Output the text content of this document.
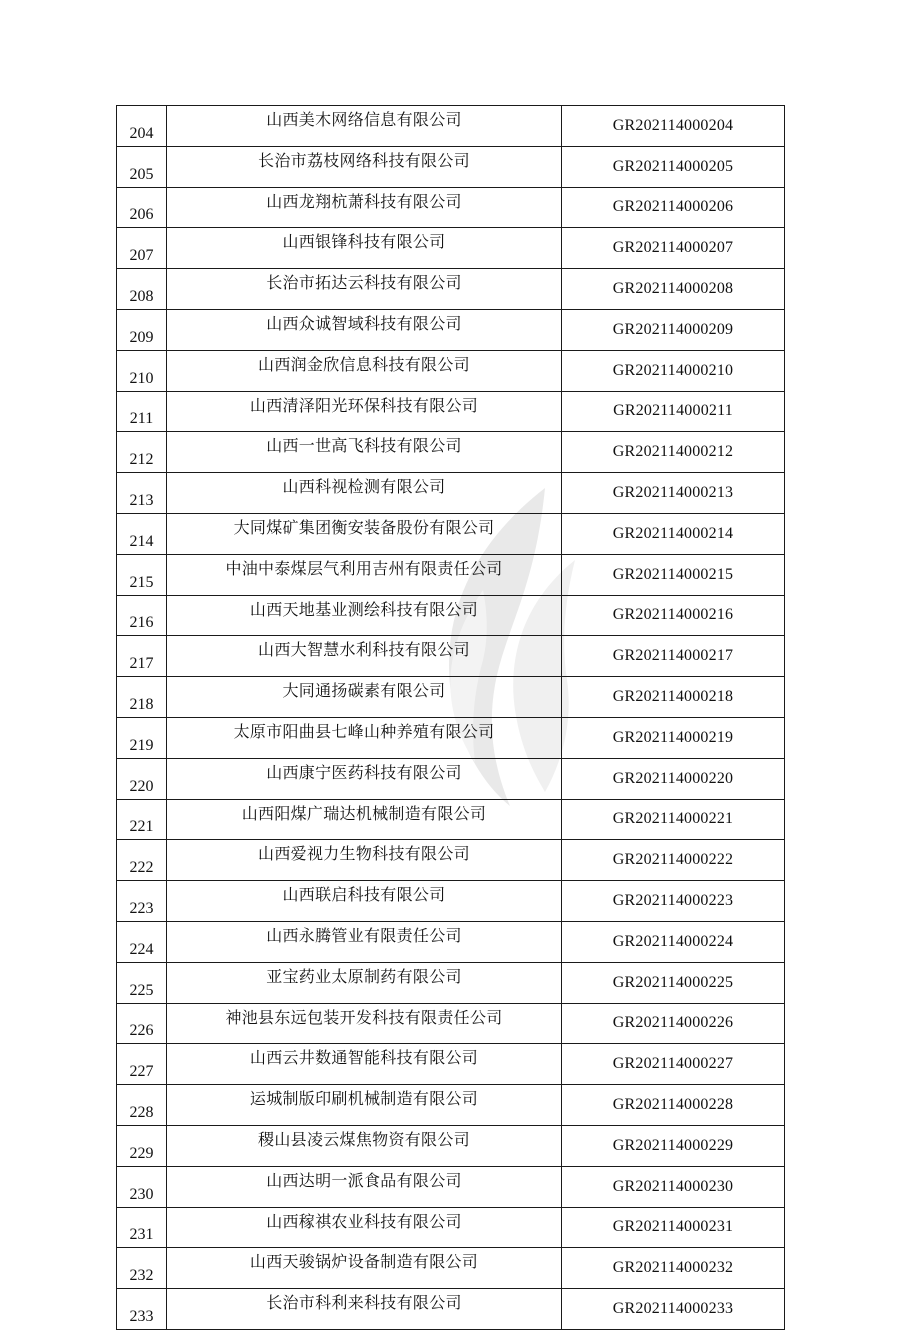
204	山西美木网络信息有限公司	GR202114000204
205	长治市荔枝网络科技有限公司	GR202114000205
206	山西龙翔杭萧科技有限公司	GR202114000206
207	山西银锋科技有限公司	GR202114000207
208	长治市拓达云科技有限公司	GR202114000208
209	山西众诚智域科技有限公司	GR202114000209
210	山西润金欣信息科技有限公司	GR202114000210
211	山西清泽阳光环保科技有限公司	GR202114000211
212	山西一世高飞科技有限公司	GR202114000212
213	山西科视检测有限公司	GR202114000213
214	大同煤矿集团衡安装备股份有限公司	GR202114000214
215	中油中泰煤层气利用吉州有限责任公司	GR202114000215
216	山西天地基业测绘科技有限公司	GR202114000216
217	山西大智慧水利科技有限公司	GR202114000217
218	大同通扬碳素有限公司	GR202114000218
219	太原市阳曲县七峰山种养殖有限公司	GR202114000219
220	山西康宁医药科技有限公司	GR202114000220
221	山西阳煤广瑞达机械制造有限公司	GR202114000221
222	山西爱视力生物科技有限公司	GR202114000222
223	山西联启科技有限公司	GR202114000223
224	山西永腾管业有限责任公司	GR202114000224
225	亚宝药业太原制药有限公司	GR202114000225
226	神池县东远包装开发科技有限责任公司	GR202114000226
227	山西云井数通智能科技有限公司	GR202114000227
228	运城制版印刷机械制造有限公司	GR202114000228
229	稷山县凌云煤焦物资有限公司	GR202114000229
230	山西达明一派食品有限公司	GR202114000230
231	山西稼祺农业科技有限公司	GR202114000231
232	山西天骏锅炉设备制造有限公司	GR202114000232
233	长治市科利来科技有限公司	GR202114000233
